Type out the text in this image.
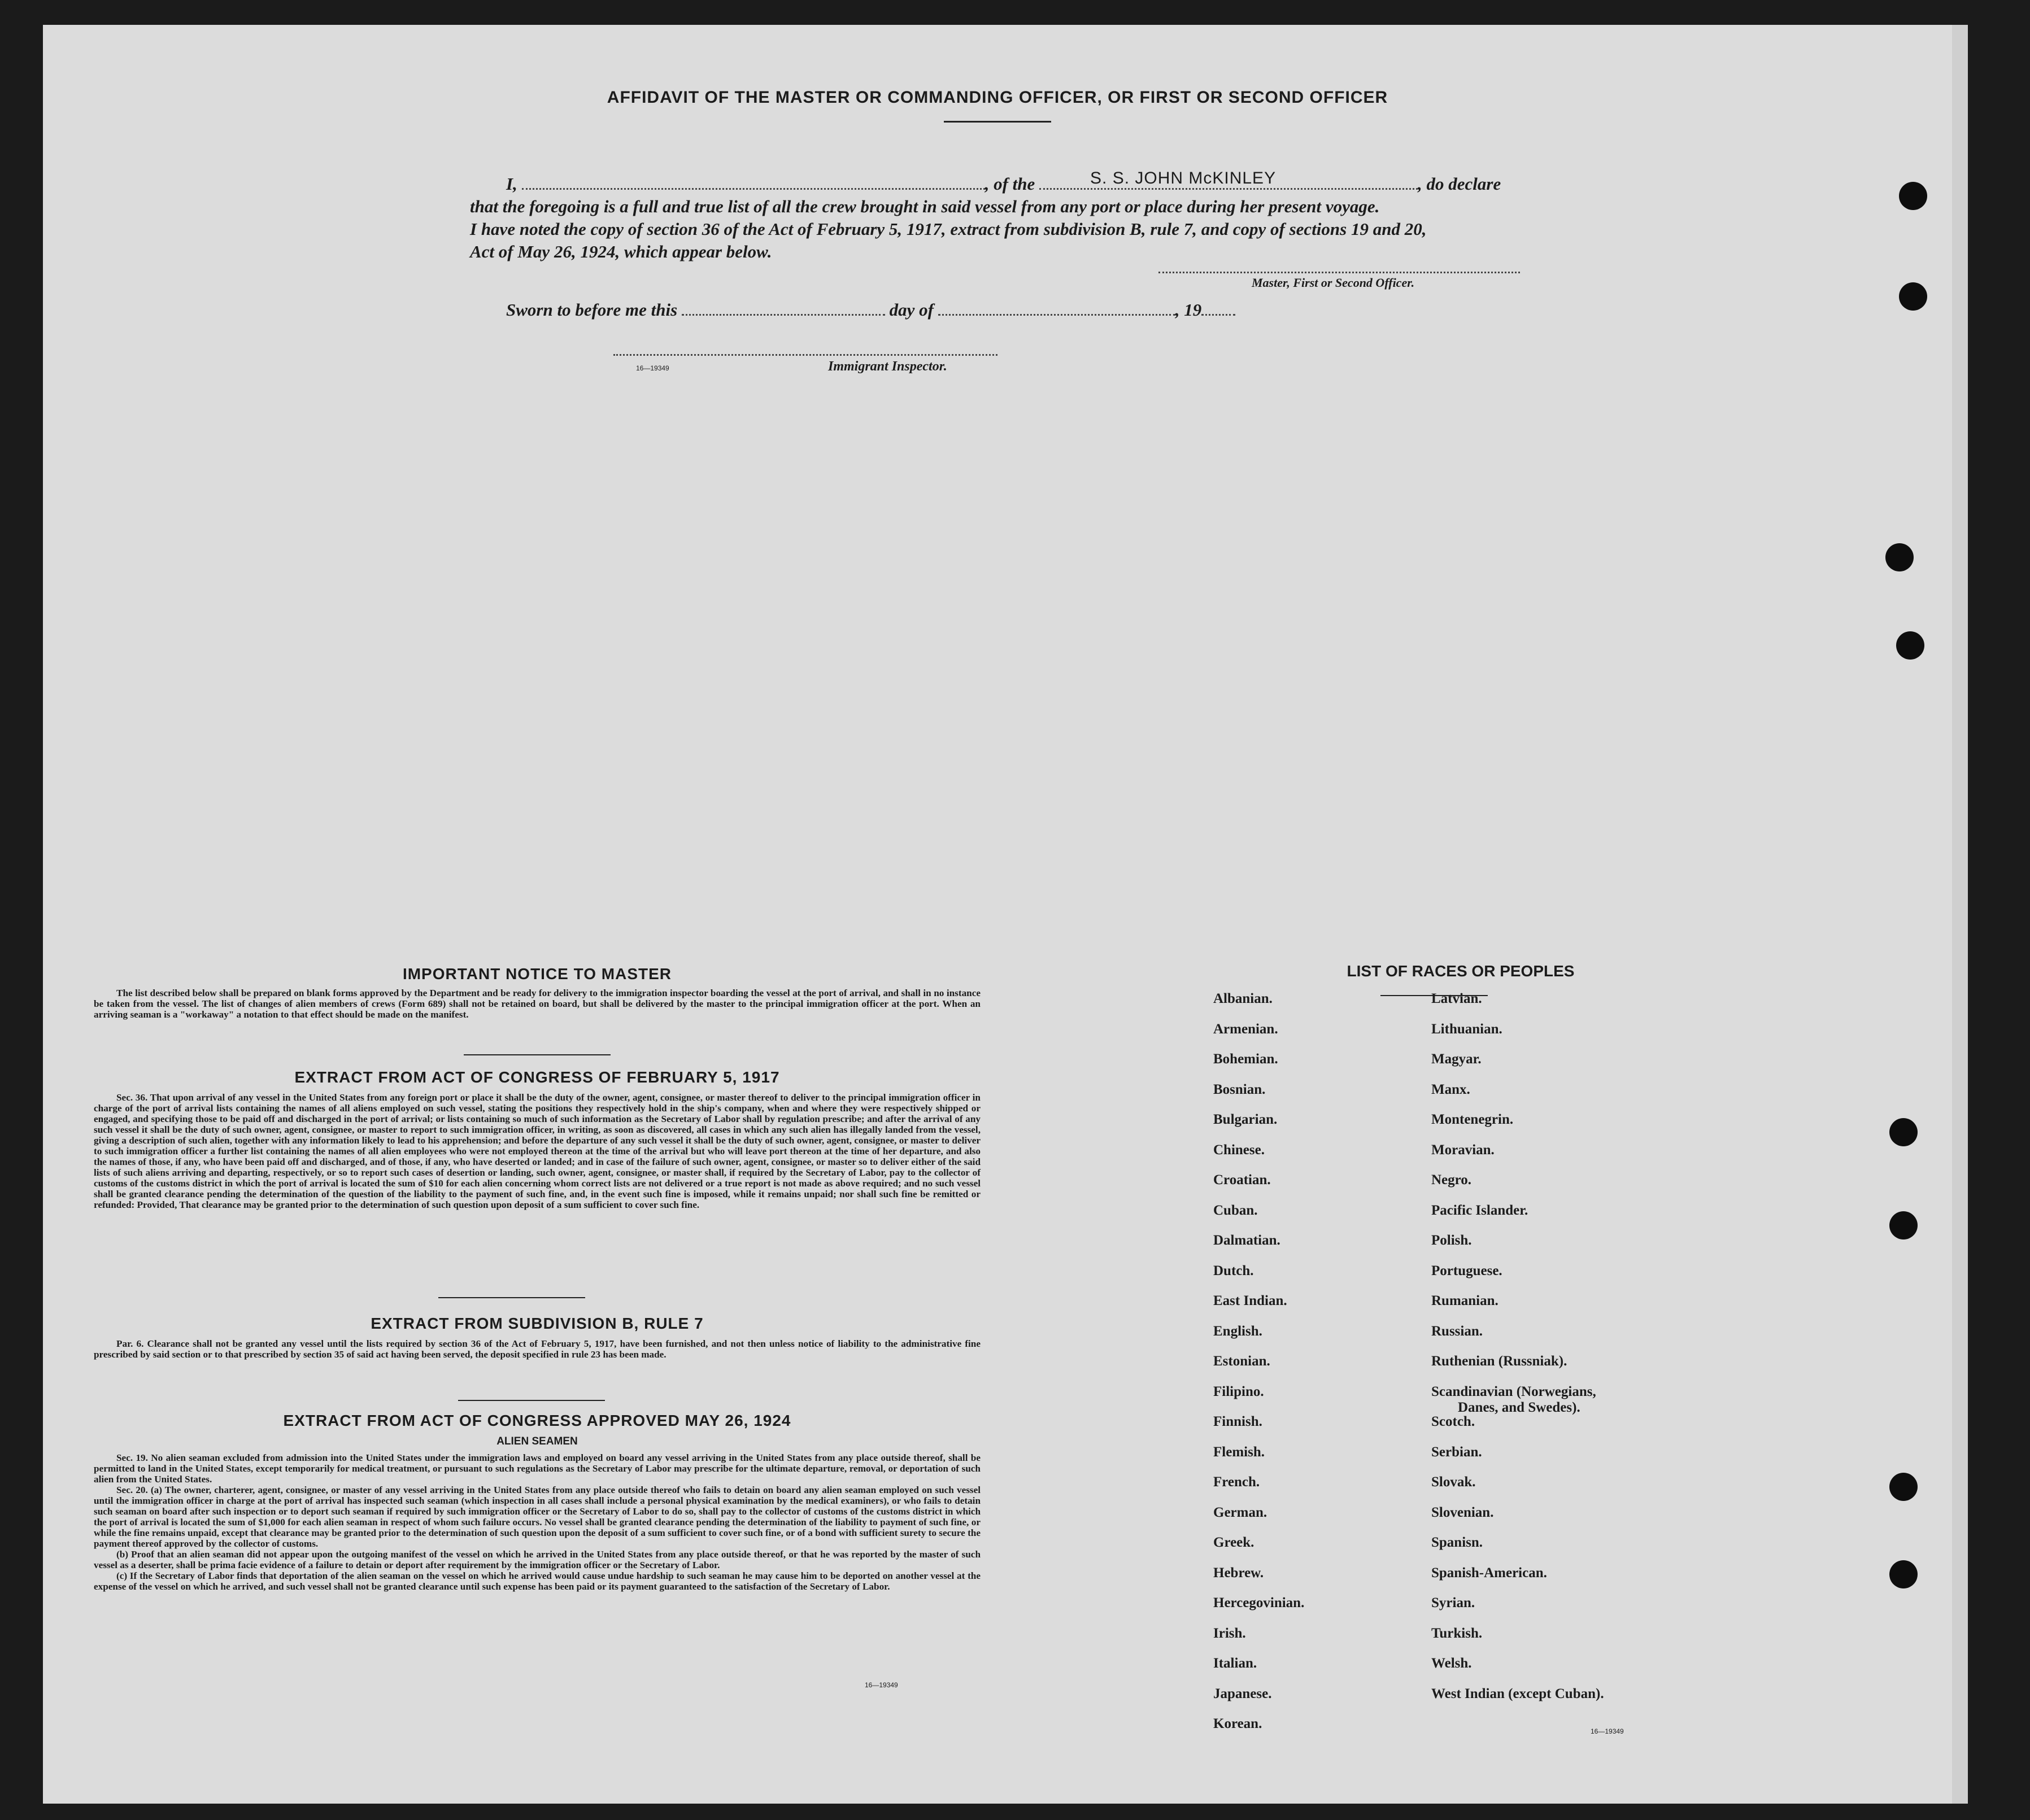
AFFIDAVIT OF THE MASTER OR COMMANDING OFFICER, OR FIRST OR SECOND OFFICER
I,	, of the	S. S. JOHN McKINLEY	, do declare
that the foregoing is a full and true list of all the crew brought in said vessel from any port or place during her present voyage.
I have noted the copy of section 36 of the Act of February 5, 1917, extract from subdivision B, rule 7, and copy of sections 19 and 20,
Act of May 26, 1924, which appear below.
Master, First or Second Officer.
Sworn to before me this	day of	, 19
16—19349	Immigrant Inspector.
IMPORTANT NOTICE TO MASTER

The list described below shall be prepared on blank forms approved by the Department and be ready for delivery to the immigration inspector boarding the vessel at the port of arrival, and shall in no instance be taken from the vessel. The list of changes of alien members of crews (Form 689) shall not be retained on board, but shall be delivered by the master to the principal immigration officer at the port. When an arriving seaman is a "workaway" a notation to that effect should be made on the manifest.

EXTRACT FROM ACT OF CONGRESS OF FEBRUARY 5, 1917

Sec. 36. That upon arrival of any vessel in the United States from any foreign port or place it shall be the duty of the owner, agent, consignee, or master thereof to deliver to the principal immigration officer in charge of the port of arrival lists containing the names of all aliens employed on such vessel, stating the positions they respectively hold in the ship's company, when and where they were respectively shipped or engaged, and specifying those to be paid off and discharged in the port of arrival; or lists containing so much of such information as the Secretary of Labor shall by regulation prescribe; and after the arrival of any such vessel it shall be the duty of such owner, agent, consignee, or master to report to such immigration officer, in writing, as soon as discovered, all cases in which any such alien has illegally landed from the vessel, giving a description of such alien, together with any information likely to lead to his apprehension; and before the departure of any such vessel it shall be the duty of such owner, agent, consignee, or master to deliver to such immigration officer a further list containing the names of all alien employees who were not employed thereon at the time of the arrival but who will leave port thereon at the time of her departure, and also the names of those, if any, who have been paid off and discharged, and of those, if any, who have deserted or landed; and in case of the failure of such owner, agent, consignee, or master so to deliver either of the said lists of such aliens arriving and departing, respectively, or so to report such cases of desertion or landing, such owner, agent, consignee, or master shall, if required by the Secretary of Labor, pay to the collector of customs of the customs district in which the port of arrival is located the sum of $10 for each alien concerning whom correct lists are not delivered or a true report is not made as above required; and no such vessel shall be granted clearance pending the determination of the question of the liability to the payment of such fine, and, in the event such fine is imposed, while it remains unpaid; nor shall such fine be remitted or refunded: Provided, That clearance may be granted prior to the determination of such question upon deposit of a sum sufficient to cover such fine.

EXTRACT FROM SUBDIVISION B, RULE 7

Par. 6. Clearance shall not be granted any vessel until the lists required by section 36 of the Act of February 5, 1917, have been furnished, and not then unless notice of liability to the administrative fine prescribed by said section or to that prescribed by section 35 of said act having been served, the deposit specified in rule 23 has been made.

EXTRACT FROM ACT OF CONGRESS APPROVED MAY 26, 1924
ALIEN SEAMEN

Sec. 19. No alien seaman excluded from admission into the United States under the immigration laws and employed on board any vessel arriving in the United States from any place outside thereof, shall be permitted to land in the United States, except temporarily for medical treatment, or pursuant to such regulations as the Secretary of Labor may prescribe for the ultimate departure, removal, or deportation of such alien from the United States.

Sec. 20. (a) The owner, charterer, agent, consignee, or master of any vessel arriving in the United States from any place outside thereof who fails to detain on board any alien seaman employed on such vessel until the immigration officer in charge at the port of arrival has inspected such seaman (which inspection in all cases shall include a personal physical examination by the medical examiners), or who fails to detain such seaman on board after such inspection or to deport such seaman if required by such immigration officer or the Secretary of Labor to do so, shall pay to the collector of customs of the customs district in which the port of arrival is located the sum of $1,000 for each alien seaman in respect of whom such failure occurs. No vessel shall be granted clearance pending the determination of the liability to payment of such fine, or while the fine remains unpaid, except that clearance may be granted prior to the determination of such question upon the deposit of a sum sufficient to cover such fine, or of a bond with sufficient surety to secure the payment thereof approved by the collector of customs.

(b) Proof that an alien seaman did not appear upon the outgoing manifest of the vessel on which he arrived in the United States from any place outside thereof, or that he was reported by the master of such vessel as a deserter, shall be prima facie evidence of a failure to detain or deport after requirement by the immigration officer or the Secretary of Labor.

(c) If the Secretary of Labor finds that deportation of the alien seaman on the vessel on which he arrived would cause undue hardship to such seaman he may cause him to be deported on another vessel at the expense of the vessel on which he arrived, and such vessel shall not be granted clearance until such expense has been paid or its payment guaranteed to the satisfaction of the Secretary of Labor.

16—19349
LIST OF RACES OR PEOPLES
Albanian.
Armenian.
Bohemian.
Bosnian.
Bulgarian.
Chinese.
Croatian.
Cuban.
Dalmatian.
Dutch.
East Indian.
English.
Estonian.
Filipino.
Finnish.
Flemish.
French.
German.
Greek.
Hebrew.
Hercegovinian.
Irish.
Italian.
Japanese.
Korean.
Latvian.
Lithuanian.
Magyar.
Manx.
Montenegrin.
Moravian.
Negro.
Pacific Islander.
Polish.
Portuguese.
Rumanian.
Russian.
Ruthenian (Russniak).
Scandinavian (Norwegians,
Danes, and Swedes).
Scotch.
Serbian.
Slovak.
Slovenian.
Spanisn.
Spanish-American.
Syrian.
Turkish.
Welsh.
West Indian (except Cuban).
16—19349
